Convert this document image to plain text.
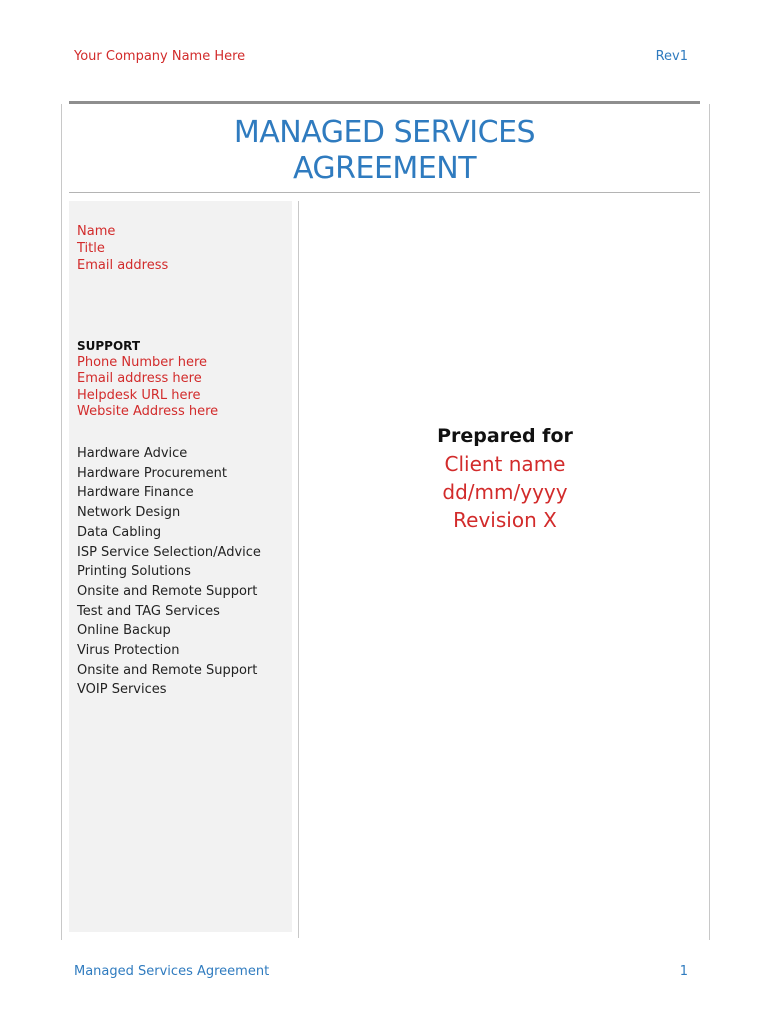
Your Company Name Here	Rev1
MANAGED SERVICES
AGREEMENT
Name
Title
Email address
SUPPORT
Phone Number here
Email address here
Helpdesk URL here
Website Address here
Hardware Advice
Hardware Procurement
Hardware Finance
Network Design
Data Cabling
ISP Service Selection/Advice
Printing Solutions
Onsite and Remote Support
Test and TAG Services
Online Backup
Virus Protection
Onsite and Remote Support
VOIP Services
Prepared for
Client name
dd/mm/yyyy
Revision X
Managed Services Agreement	1
